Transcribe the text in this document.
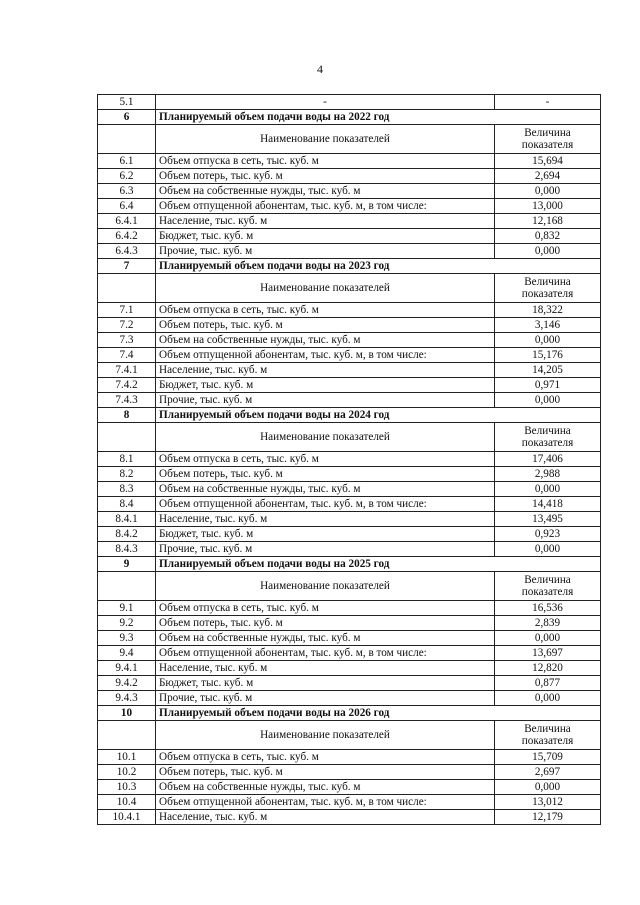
4
5.1	-	-
6	Планируемый объем подачи воды на 2022 год	
	Наименование показателей	Величина показателя
6.1	Объем отпуска в сеть, тыс. куб. м	15,694
6.2	Объем потерь, тыс. куб. м	2,694
6.3	Объем на собственные нужды, тыс. куб. м	0,000
6.4	Объем отпущенной абонентам, тыс. куб. м, в том числе:	13,000
6.4.1	Население, тыс. куб. м	12,168
6.4.2	Бюджет, тыс. куб. м	0,832
6.4.3	Прочие, тыс. куб. м	0,000
7	Планируемый объем подачи воды на 2023 год	
	Наименование показателей	Величина показателя
7.1	Объем отпуска в сеть, тыс. куб. м	18,322
7.2	Объем потерь, тыс. куб. м	3,146
7.3	Объем на собственные нужды, тыс. куб. м	0,000
7.4	Объем отпущенной абонентам, тыс. куб. м, в том числе:	15,176
7.4.1	Население, тыс. куб. м	14,205
7.4.2	Бюджет, тыс. куб. м	0,971
7.4.3	Прочие, тыс. куб. м	0,000
8	Планируемый объем подачи воды на 2024 год	
	Наименование показателей	Величина показателя
8.1	Объем отпуска в сеть, тыс. куб. м	17,406
8.2	Объем потерь, тыс. куб. м	2,988
8.3	Объем на собственные нужды, тыс. куб. м	0,000
8.4	Объем отпущенной абонентам, тыс. куб. м, в том числе:	14,418
8.4.1	Население, тыс. куб. м	13,495
8.4.2	Бюджет, тыс. куб. м	0,923
8.4.3	Прочие, тыс. куб. м	0,000
9	Планируемый объем подачи воды на 2025 год	
	Наименование показателей	Величина показателя
9.1	Объем отпуска в сеть, тыс. куб. м	16,536
9.2	Объем потерь, тыс. куб. м	2,839
9.3	Объем на собственные нужды, тыс. куб. м	0,000
9.4	Объем отпущенной абонентам, тыс. куб. м, в том числе:	13,697
9.4.1	Население, тыс. куб. м	12,820
9.4.2	Бюджет, тыс. куб. м	0,877
9.4.3	Прочие, тыс. куб. м	0,000
10	Планируемый объем подачи воды на 2026 год	
	Наименование показателей	Величина показателя
10.1	Объем отпуска в сеть, тыс. куб. м	15,709
10.2	Объем потерь, тыс. куб. м	2,697
10.3	Объем на собственные нужды, тыс. куб. м	0,000
10.4	Объем отпущенной абонентам, тыс. куб. м, в том числе:	13,012
10.4.1	Население, тыс. куб. м	12,179
